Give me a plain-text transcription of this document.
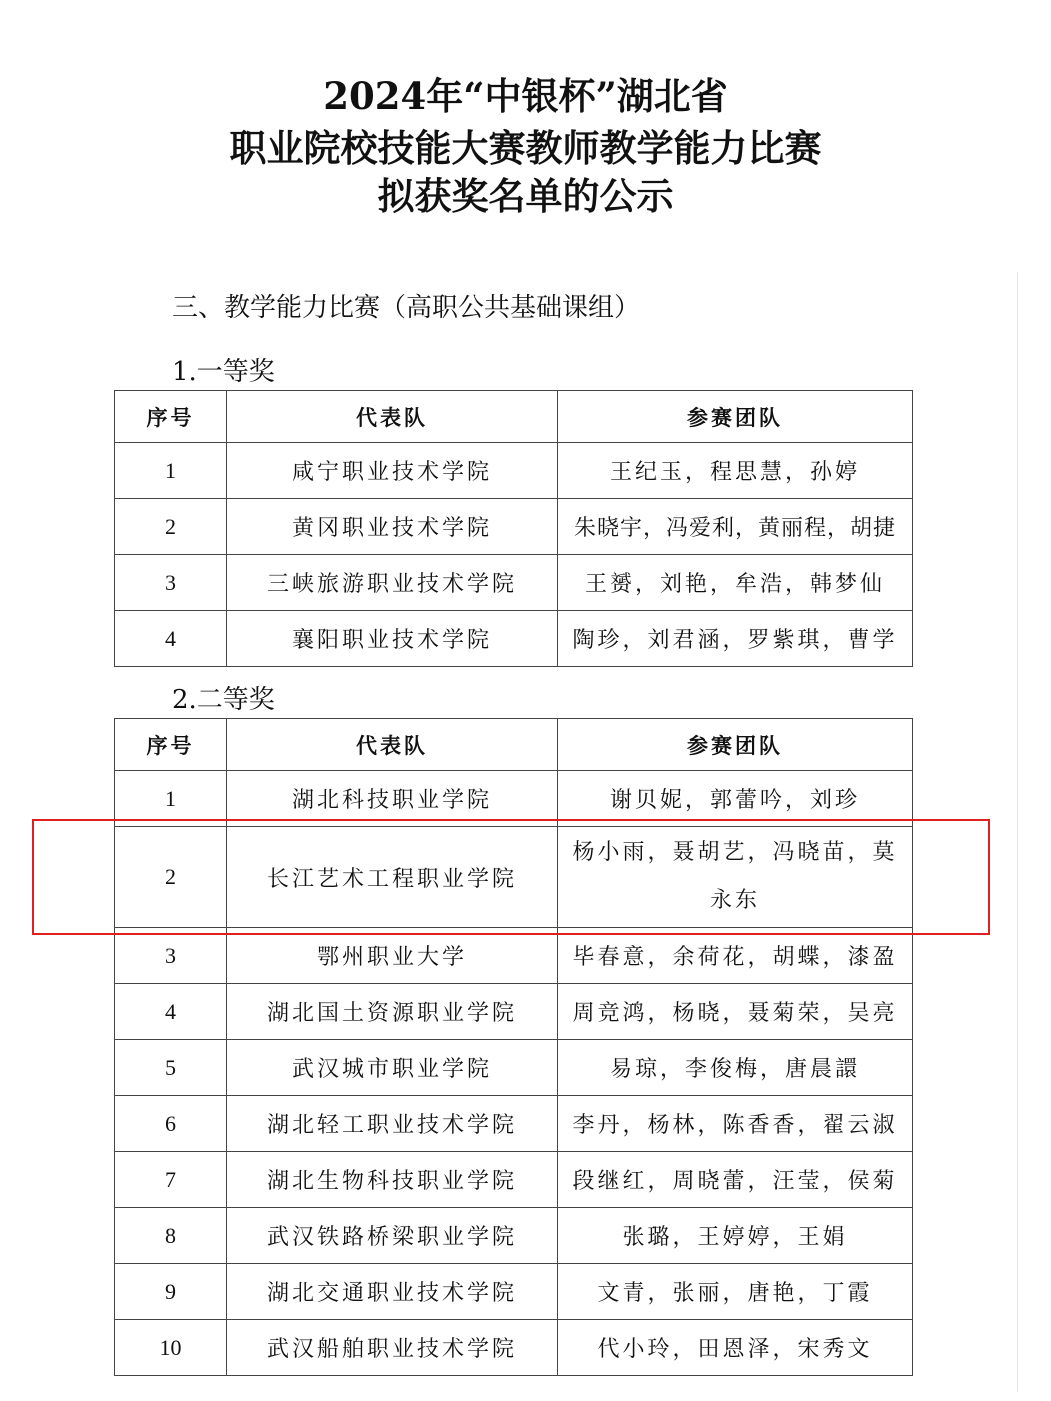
2024年“中银杯”湖北省
职业院校技能大赛教师教学能力比赛
拟获奖名单的公示
三、教学能力比赛（高职公共基础课组）
1.一等奖
序号	代表队	参赛团队
1	咸宁职业技术学院	王纪玉，程思慧，孙婷
2	黄冈职业技术学院	朱晓宇，冯爱利，黄丽程，胡捷
3	三峡旅游职业技术学院	王赟，刘艳，牟浩，韩梦仙
4	襄阳职业技术学院	陶珍，刘君涵，罗紫琪，曹学
2.二等奖
序号	代表队	参赛团队
1	湖北科技职业学院	谢贝妮，郭蕾吟，刘珍
2	长江艺术工程职业学院	杨小雨，聂胡艺，冯晓苗，莫永东
3	鄂州职业大学	毕春意，余荷花，胡蝶，漆盈
4	湖北国土资源职业学院	周竞鸿，杨晓，聂菊荣，吴亮
5	武汉城市职业学院	易琼，李俊梅，唐晨譞
6	湖北轻工职业技术学院	李丹，杨林，陈香香，翟云淑
7	湖北生物科技职业学院	段继红，周晓蕾，汪莹，侯菊
8	武汉铁路桥梁职业学院	张璐，王婷婷，王娟
9	湖北交通职业技术学院	文青，张丽，唐艳，丁霞
10	武汉船舶职业技术学院	代小玲，田恩泽，宋秀文
